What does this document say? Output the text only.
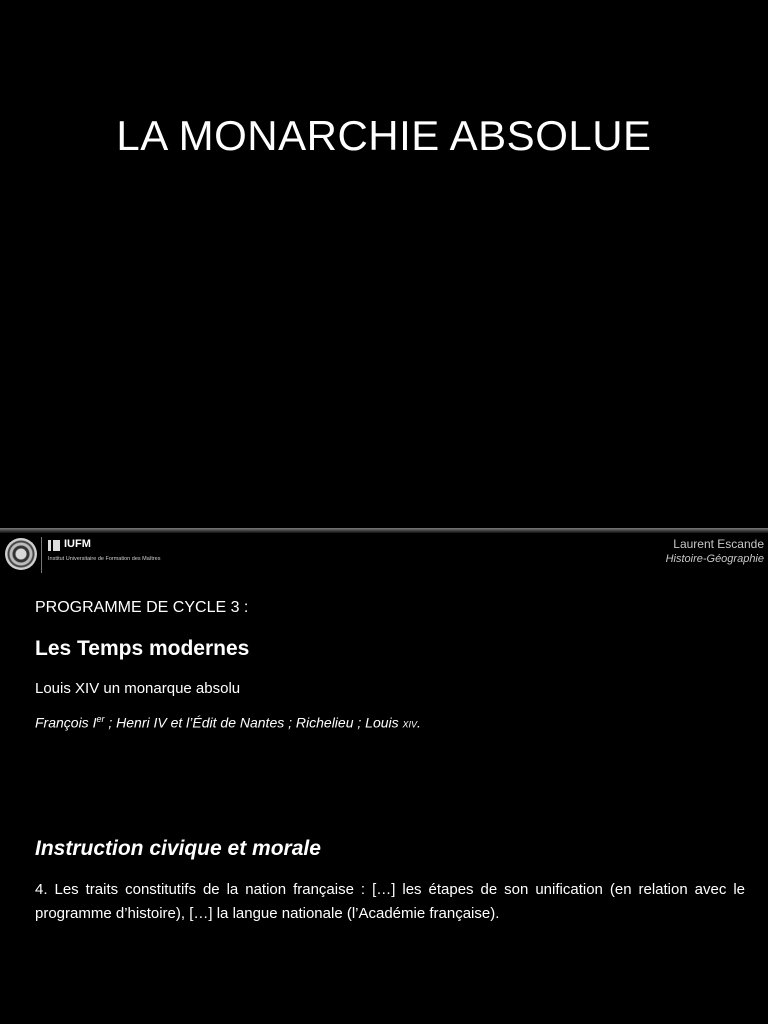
LA MONARCHIE ABSOLUE
IUFM
Institut Universitaire de Formation des Maîtres
Laurent Escande
Histoire-Géographie

PROGRAMME DE CYCLE 3 :

Les Temps modernes

Louis XIV un monarque absolu

François Ier ; Henri IV et l’Édit de Nantes ; Richelieu ; Louis xiv.

Instruction civique et morale

4. Les traits constitutifs de la nation française : […] les étapes de son unification (en relation avec le programme d’histoire), […] la langue nationale (l’Académie française).
